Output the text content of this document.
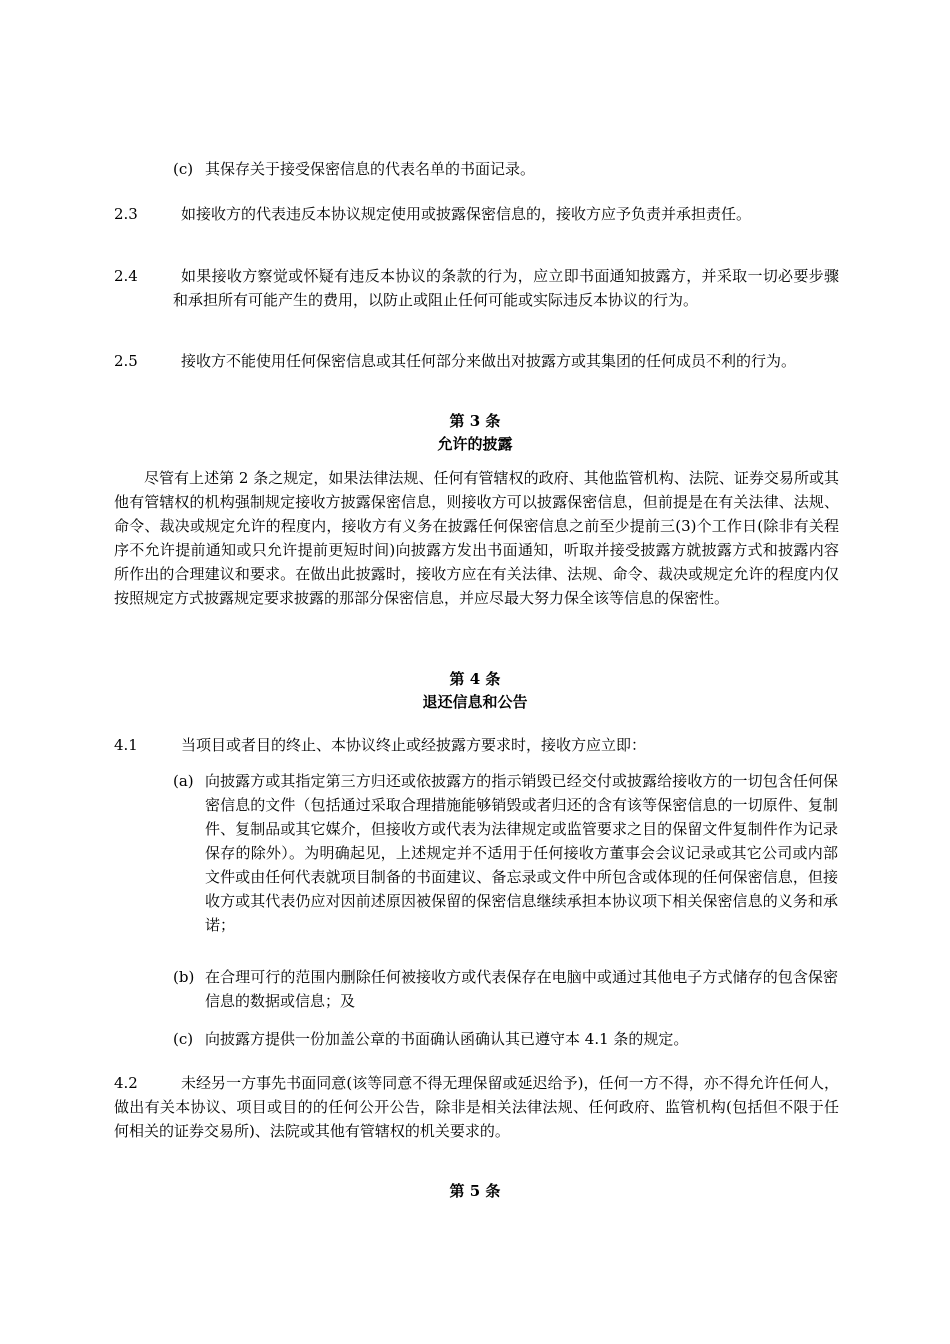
(c) 其保存关于接受保密信息的代表名单的书面记录。
2.3	如接收方的代表违反本协议规定使用或披露保密信息的，接收方应予负责并承担责任。
2.4	如果接收方察觉或怀疑有违反本协议的条款的行为，应立即书面通知披露方，并采取一切必要步骤和承担所有可能产生的费用，以防止或阻止任何可能或实际违反本协议的行为。
2.5	接收方不能使用任何保密信息或其任何部分来做出对披露方或其集团的任何成员不利的行为。
第 3 条
允许的披露
尽管有上述第 2 条之规定，如果法律法规、任何有管辖权的政府、其他监管机构、法院、证券交易所或其他有管辖权的机构强制规定接收方披露保密信息，则接收方可以披露保密信息，但前提是在有关法律、法规、命令、裁决或规定允许的程度内，接收方有义务在披露任何保密信息之前至少提前三(3)个工作日(除非有关程序不允许提前通知或只允许提前更短时间)向披露方发出书面通知，听取并接受披露方就披露方式和披露内容所作出的合理建议和要求。在做出此披露时，接收方应在有关法律、法规、命令、裁决或规定允许的程度内仅按照规定方式披露规定要求披露的那部分保密信息，并应尽最大努力保全该等信息的保密性。
第 4 条
退还信息和公告
4.1	当项目或者目的终止、本协议终止或经披露方要求时，接收方应立即：
(a) 向披露方或其指定第三方归还或依披露方的指示销毁已经交付或披露给接收方的一切包含任何保密信息的文件（包括通过采取合理措施能够销毁或者归还的含有该等保密信息的一切原件、复制件、复制品或其它媒介，但接收方或代表为法律规定或监管要求之目的保留文件复制件作为记录保存的除外）。为明确起见，上述规定并不适用于任何接收方董事会会议记录或其它公司或内部文件或由任何代表就项目制备的书面建议、备忘录或文件中所包含或体现的任何保密信息，但接收方或其代表仍应对因前述原因被保留的保密信息继续承担本协议项下相关保密信息的义务和承诺；
(b) 在合理可行的范围内删除任何被接收方或代表保存在电脑中或通过其他电子方式储存的包含保密信息的数据或信息；及
(c) 向披露方提供一份加盖公章的书面确认函确认其已遵守本 4.1 条的规定。
4.2	未经另一方事先书面同意(该等同意不得无理保留或延迟给予)，任何一方不得，亦不得允许任何人，做出有关本协议、项目或目的的任何公开公告，除非是相关法律法规、任何政府、监管机构(包括但不限于任何相关的证券交易所)、法院或其他有管辖权的机关要求的。
第 5 条
